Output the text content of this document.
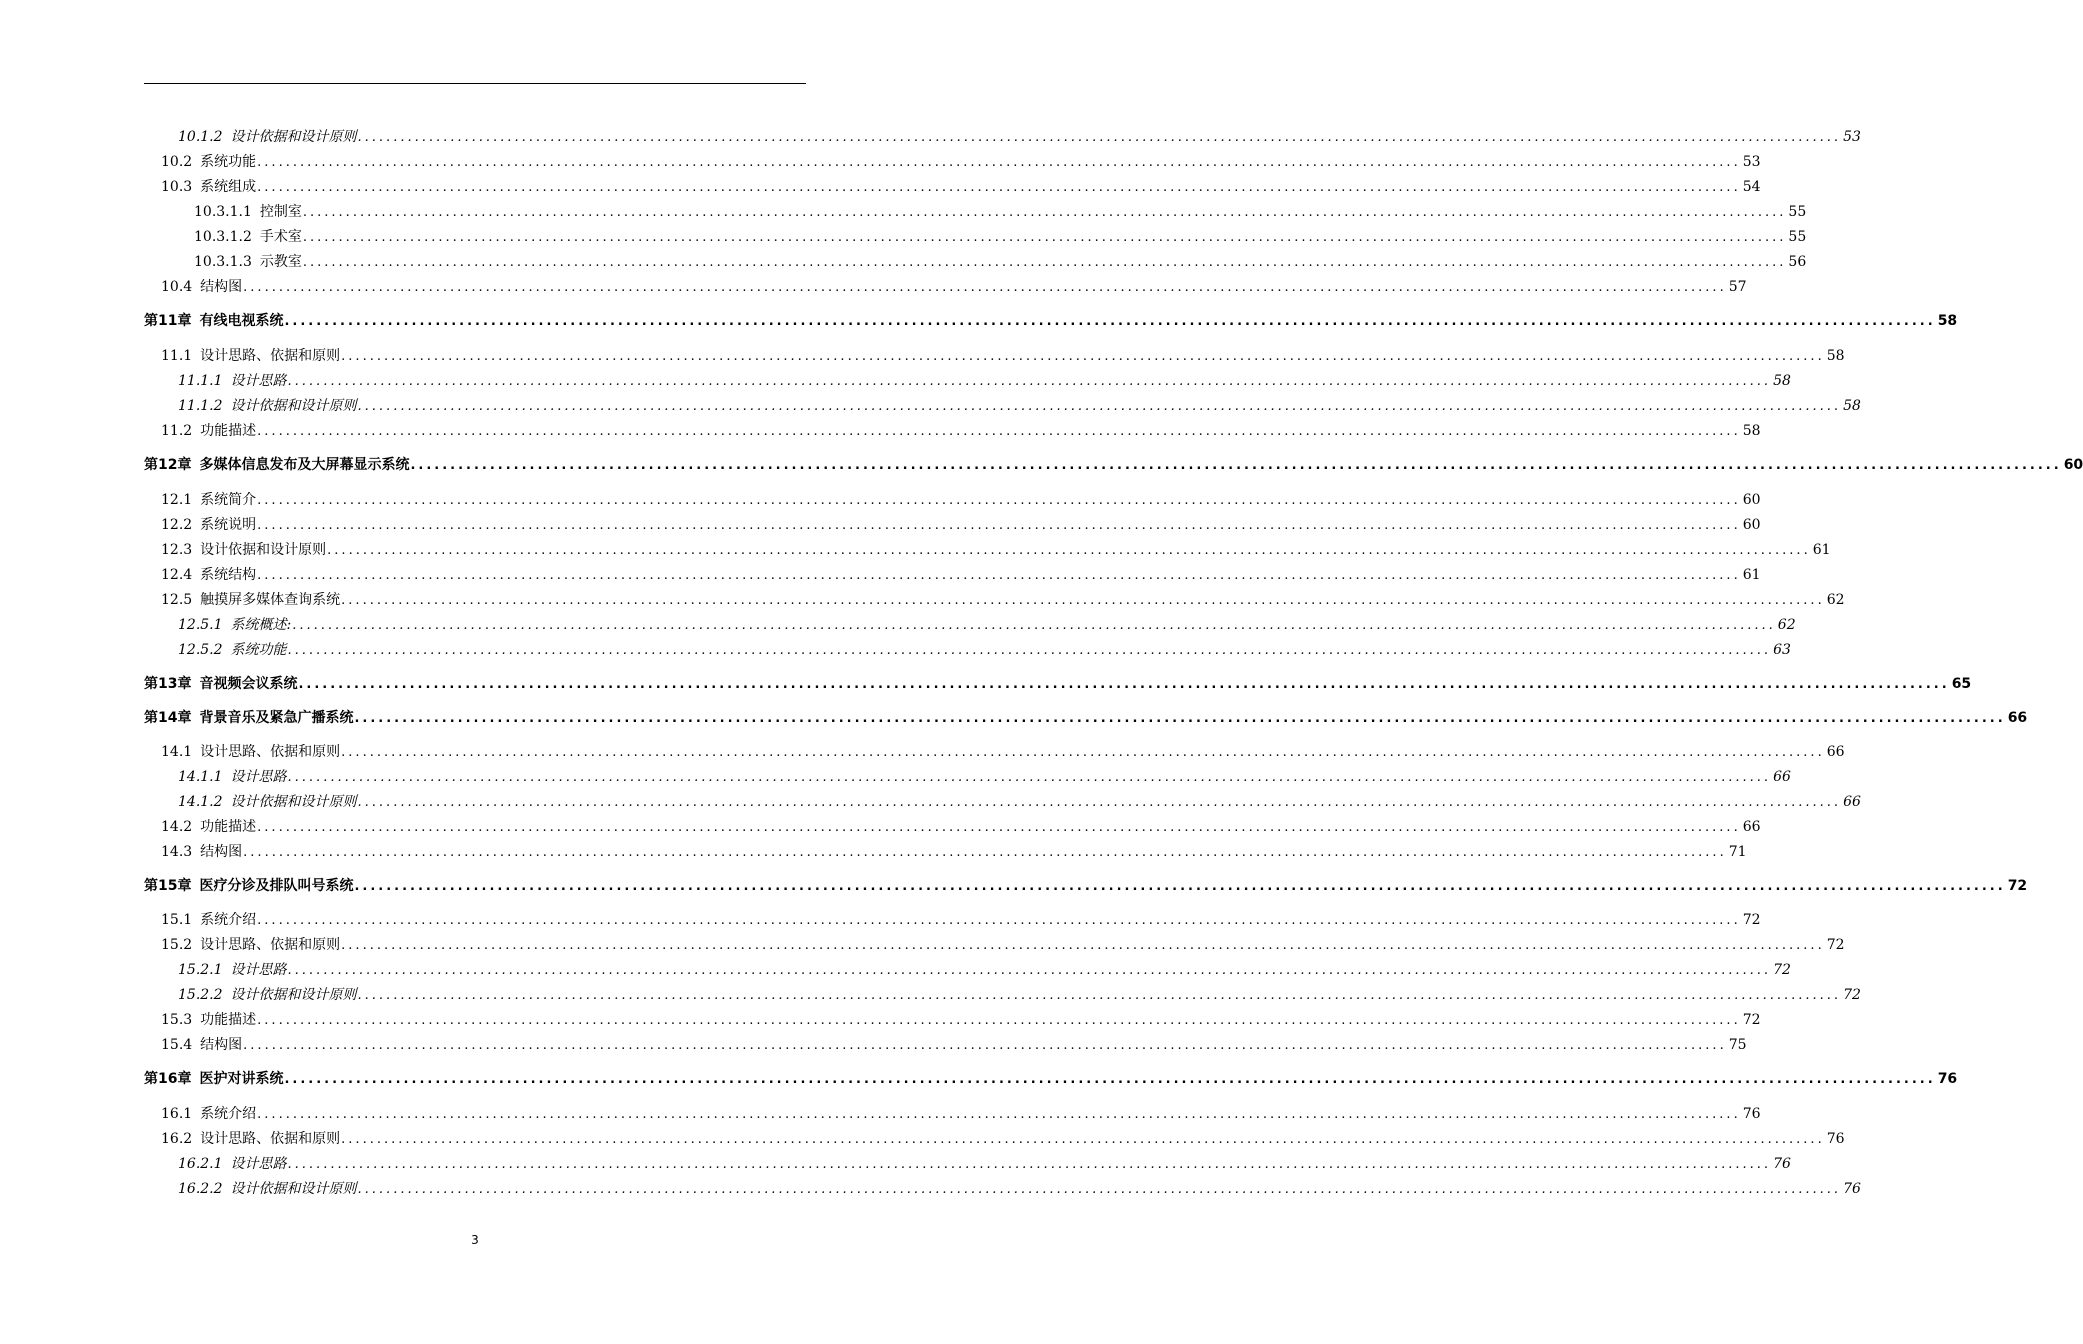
10.1.2 设计依据和设计原则 ................................................................................................................................................................................................................ 53
10.2 系统功能 ................................................................................................................................................................................................................ 53
10.3 系统组成 ................................................................................................................................................................................................................ 54
10.3.1.1 控制室 ................................................................................................................................................................................................................ 55
10.3.1.2 手术室 ................................................................................................................................................................................................................ 55
10.3.1.3 示教室 ................................................................................................................................................................................................................ 56
10.4 结构图 ................................................................................................................................................................................................................ 57
第11章 有线电视系统 ................................................................................................................................................................................................................ 58
11.1 设计思路、依据和原则 ................................................................................................................................................................................................................ 58
11.1.1 设计思路 ................................................................................................................................................................................................................ 58
11.1.2 设计依据和设计原则 ................................................................................................................................................................................................................ 58
11.2 功能描述 ................................................................................................................................................................................................................ 58
第12章 多媒体信息发布及大屏幕显示系统 ................................................................................................................................................................................................................ 60
12.1 系统简介 ................................................................................................................................................................................................................ 60
12.2 系统说明 ................................................................................................................................................................................................................ 60
12.3 设计依据和设计原则 ................................................................................................................................................................................................................ 61
12.4 系统结构 ................................................................................................................................................................................................................ 61
12.5 触摸屏多媒体查询系统 ................................................................................................................................................................................................................ 62
12.5.1 系统概述: ................................................................................................................................................................................................................ 62
12.5.2 系统功能 ................................................................................................................................................................................................................ 63
第13章 音视频会议系统 ................................................................................................................................................................................................................ 65
第14章 背景音乐及紧急广播系统 ................................................................................................................................................................................................................ 66
14.1 设计思路、依据和原则 ................................................................................................................................................................................................................ 66
14.1.1 设计思路 ................................................................................................................................................................................................................ 66
14.1.2 设计依据和设计原则 ................................................................................................................................................................................................................ 66
14.2 功能描述 ................................................................................................................................................................................................................ 66
14.3 结构图 ................................................................................................................................................................................................................ 71
第15章 医疗分诊及排队叫号系统 ................................................................................................................................................................................................................ 72
15.1 系统介绍 ................................................................................................................................................................................................................ 72
15.2 设计思路、依据和原则 ................................................................................................................................................................................................................ 72
15.2.1 设计思路 ................................................................................................................................................................................................................ 72
15.2.2 设计依据和设计原则 ................................................................................................................................................................................................................ 72
15.3 功能描述 ................................................................................................................................................................................................................ 72
15.4 结构图 ................................................................................................................................................................................................................ 75
第16章 医护对讲系统 ................................................................................................................................................................................................................ 76
16.1 系统介绍 ................................................................................................................................................................................................................ 76
16.2 设计思路、依据和原则 ................................................................................................................................................................................................................ 76
16.2.1 设计思路 ................................................................................................................................................................................................................ 76
16.2.2 设计依据和设计原则 ................................................................................................................................................................................................................ 76
3
